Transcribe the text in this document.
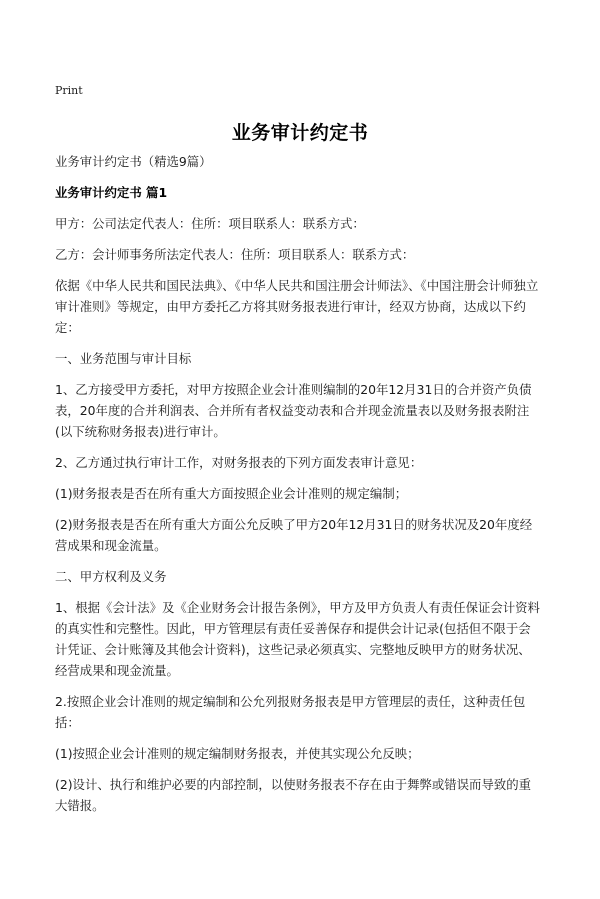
Print
业务审计约定书

业务审计约定书（精选9篇）

业务审计约定书 篇1

甲方：公司法定代表人：住所：项目联系人：联系方式：

乙方：会计师事务所法定代表人：住所：项目联系人：联系方式：

依据《中华人民共和国民法典》、《中华人民共和国注册会计师法》、《中国注册会计师独立审计准则》等规定，由甲方委托乙方将其财务报表进行审计，经双方协商，达成以下约定：

一、业务范围与审计目标

1、乙方接受甲方委托，对甲方按照企业会计准则编制的20年12月31日的合并资产负债表，20年度的合并利润表、合并所有者权益变动表和合并现金流量表以及财务报表附注(以下统称财务报表)进行审计。

2、乙方通过执行审计工作，对财务报表的下列方面发表审计意见：

(1)财务报表是否在所有重大方面按照企业会计准则的规定编制；

(2)财务报表是否在所有重大方面公允反映了甲方20年12月31日的财务状况及20年度经营成果和现金流量。

二、甲方权利及义务

1、根据《会计法》及《企业财务会计报告条例》，甲方及甲方负责人有责任保证会计资料的真实性和完整性。因此，甲方管理层有责任妥善保存和提供会计记录(包括但不限于会计凭证、会计账簿及其他会计资料)，这些记录必须真实、完整地反映甲方的财务状况、经营成果和现金流量。

2.按照企业会计准则的规定编制和公允列报财务报表是甲方管理层的责任，这种责任包括：

(1)按照企业会计准则的规定编制财务报表，并使其实现公允反映；

(2)设计、执行和维护必要的内部控制，以使财务报表不存在由于舞弊或错误而导致的重大错报。
